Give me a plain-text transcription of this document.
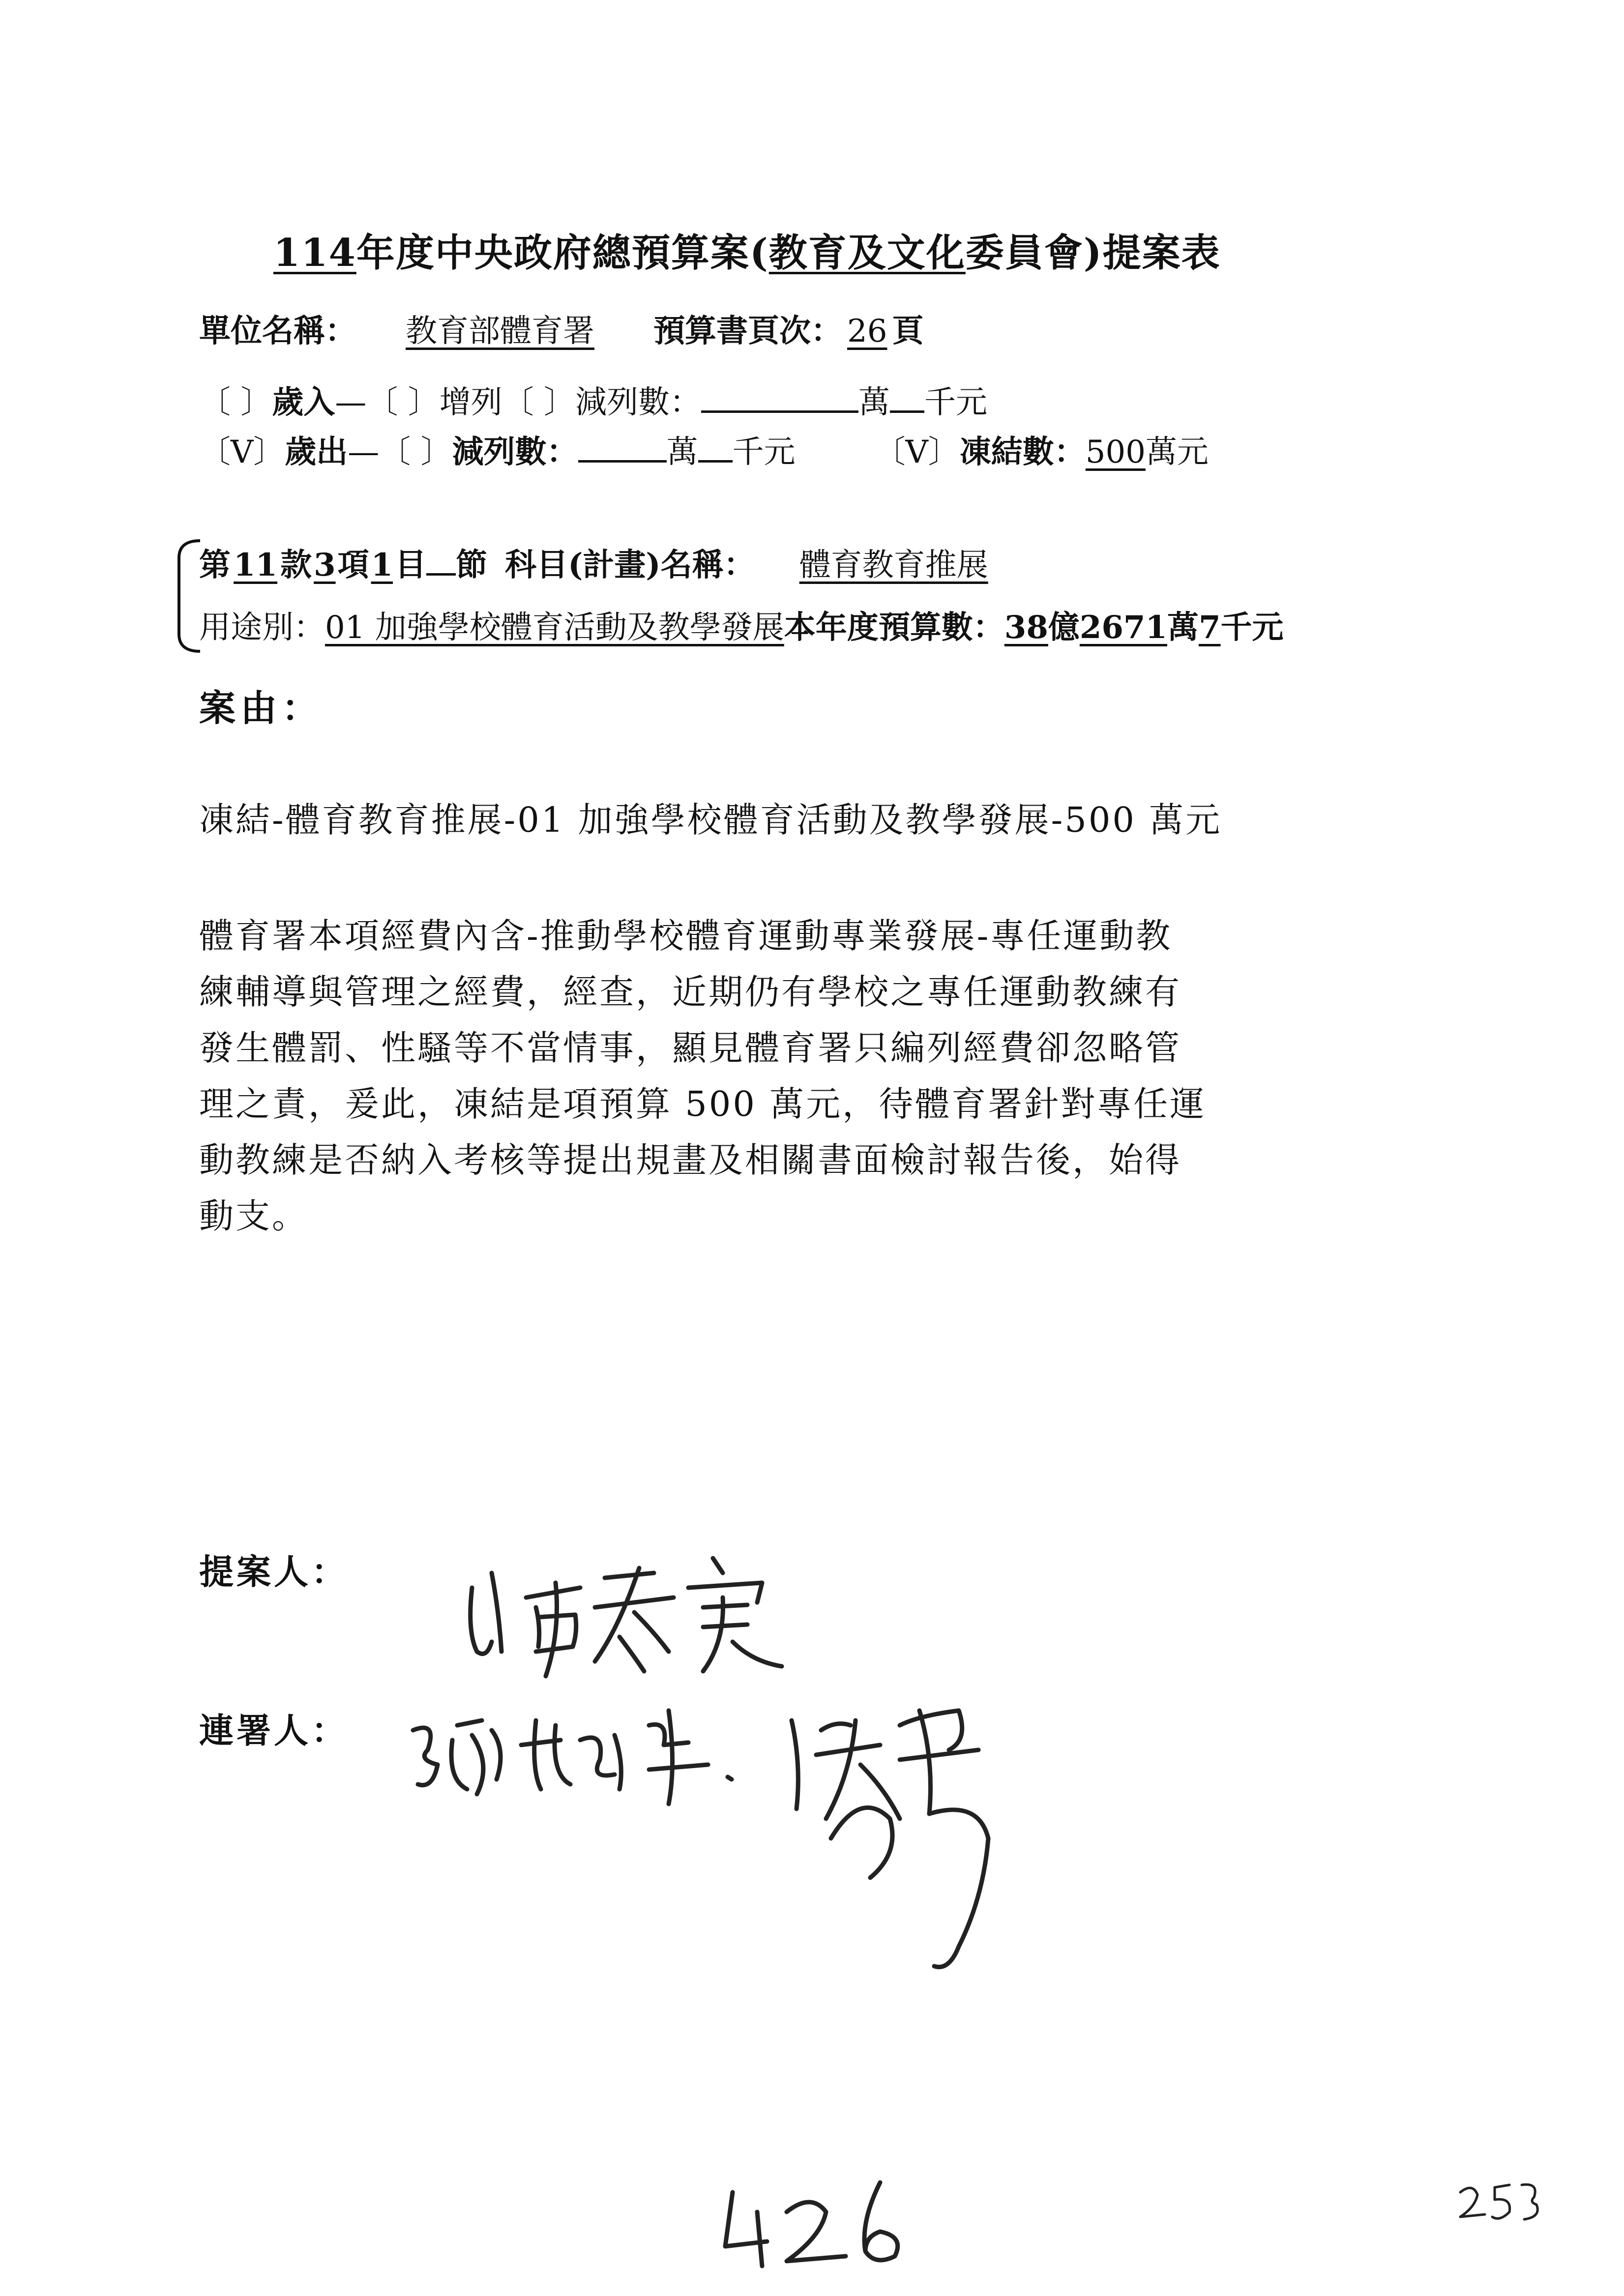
114年度中央政府總預算案(教育及文化委員會)提案表
單位名稱： 教育部體育署 預算書頁次： 26 頁
〔 〕歲入—〔 〕增列〔 〕減列數：	萬 千元
〔V〕歲出—〔 〕減列數：	萬 千元	〔V〕凍結數：500萬元
第11款3項1目 節 科目(計畫)名稱： 體育教育推展
用途別：01 加強學校體育活動及教學發展本年度預算數：38億2671萬7千元
案由：
凍結-體育教育推展-01 加強學校體育活動及教學發展-500 萬元
體育署本項經費內含-推動學校體育運動專業發展-專任運動教
練輔導與管理之經費，經查，近期仍有學校之專任運動教練有
發生體罰、性騷等不當情事，顯見體育署只編列經費卻忽略管
理之責，爰此，凍結是項預算 500 萬元，待體育署針對專任運
動教練是否納入考核等提出規畫及相關書面檢討報告後，始得
動支。
提案人：
連署人：
